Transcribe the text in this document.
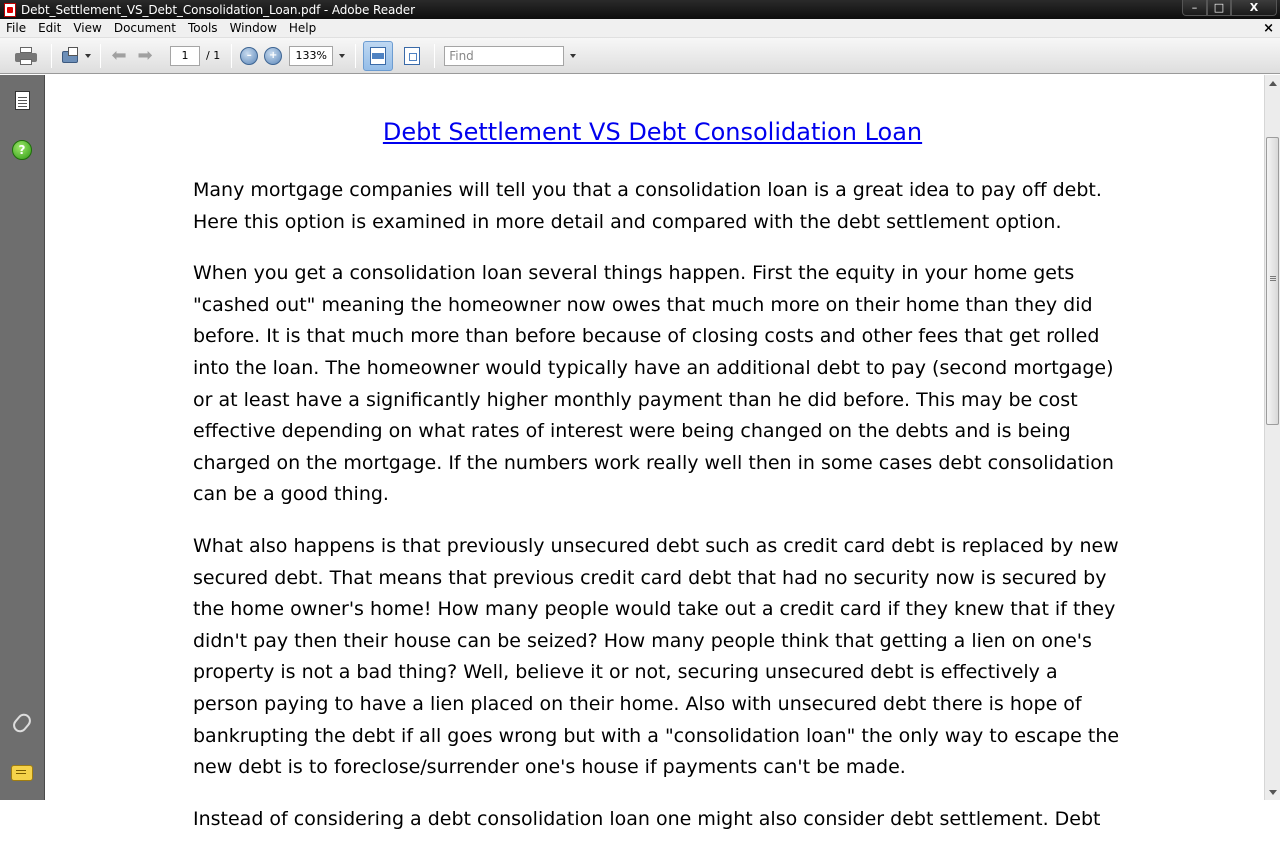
Debt_Settlement_VS_Debt_Consolidation_Loan.pdf - Adobe Reader	–	□	X
File	Edit	View	Document	Tools	Window	Help	×
⬅ ➡	1	/ 1	– +	133%	Find
?
Debt Settlement VS Debt Consolidation Loan

Many mortgage companies will tell you that a consolidation loan is a great idea to pay off debt. Here this option is examined in more detail and compared with the debt settlement option.

When you get a consolidation loan several things happen. First the equity in your home gets "cashed out" meaning the homeowner now owes that much more on their home than they did before. It is that much more than before because of closing costs and other fees that get rolled into the loan. The homeowner would typically have an additional debt to pay (second mortgage) or at least have a significantly higher monthly payment than he did before. This may be cost effective depending on what rates of interest were being changed on the debts and is being charged on the mortgage. If the numbers work really well then in some cases debt consolidation can be a good thing.

What also happens is that previously unsecured debt such as credit card debt is replaced by new secured debt. That means that previous credit card debt that had no security now is secured by the home owner's home! How many people would take out a credit card if they knew that if they didn't pay then their house can be seized? How many people think that getting a lien on one's property is not a bad thing? Well, believe it or not, securing unsecured debt is effectively a person paying to have a lien placed on their home. Also with unsecured debt there is hope of bankrupting the debt if all goes wrong but with a "consolidation loan" the only way to escape the new debt is to foreclose/surrender one's house if payments can't be made.

Instead of considering a debt consolidation loan one might also consider debt settlement. Debt
